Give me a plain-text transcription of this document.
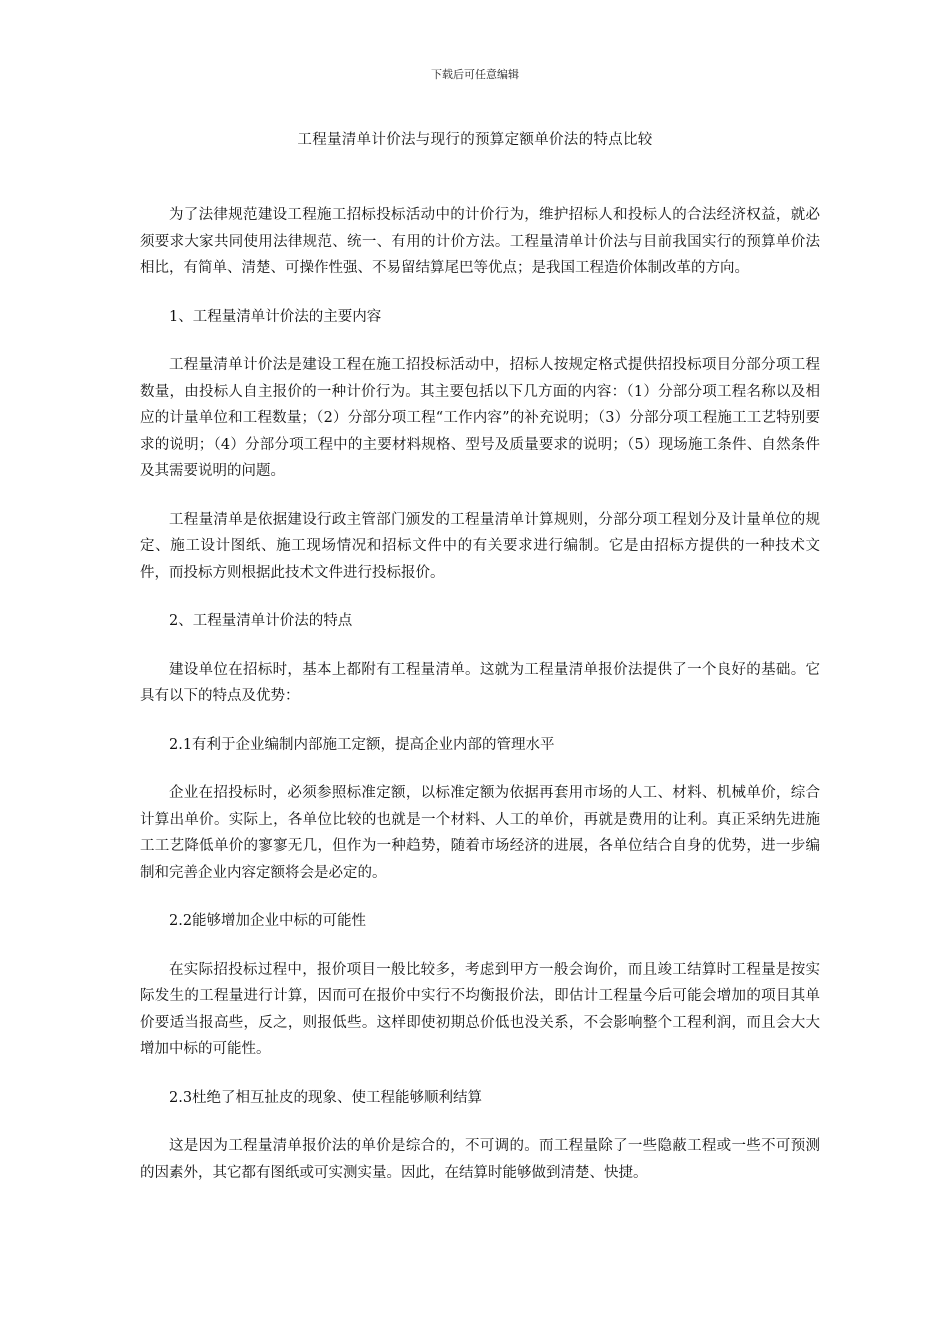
下载后可任意编辑
工程量清单计价法与现行的预算定额单价法的特点比较

为了法律规范建设工程施工招标投标活动中的计价行为，维护招标人和投标人的合法经济权益，就必须要求大家共同使用法律规范、统一、有用的计价方法。工程量清单计价法与目前我国实行的预算单价法相比，有简单、清楚、可操作性强、不易留结算尾巴等优点；是我国工程造价体制改革的方向。

1、工程量清单计价法的主要内容

工程量清单计价法是建设工程在施工招投标活动中，招标人按规定格式提供招投标项目分部分项工程数量，由投标人自主报价的一种计价行为。其主要包括以下几方面的内容：（1）分部分项工程名称以及相应的计量单位和工程数量；（2）分部分项工程“工作内容”的补充说明；（3）分部分项工程施工工艺特别要求的说明；（4）分部分项工程中的主要材料规格、型号及质量要求的说明；（5）现场施工条件、自然条件及其需要说明的问题。

工程量清单是依据建设行政主管部门颁发的工程量清单计算规则，分部分项工程划分及计量单位的规定、施工设计图纸、施工现场情况和招标文件中的有关要求进行编制。它是由招标方提供的一种技术文件，而投标方则根据此技术文件进行投标报价。

2、工程量清单计价法的特点

建设单位在招标时，基本上都附有工程量清单。这就为工程量清单报价法提供了一个良好的基础。它具有以下的特点及优势：

2.1有利于企业编制内部施工定额，提高企业内部的管理水平

企业在招投标时，必须参照标准定额，以标准定额为依据再套用市场的人工、材料、机械单价，综合计算出单价。实际上，各单位比较的也就是一个材料、人工的单价，再就是费用的让利。真正采纳先进施工工艺降低单价的寥寥无几，但作为一种趋势，随着市场经济的进展，各单位结合自身的优势，进一步编制和完善企业内容定额将会是必定的。

2.2能够增加企业中标的可能性

在实际招投标过程中，报价项目一般比较多，考虑到甲方一般会询价，而且竣工结算时工程量是按实际发生的工程量进行计算，因而可在报价中实行不均衡报价法，即估计工程量今后可能会增加的项目其单价要适当报高些，反之，则报低些。这样即使初期总价低也没关系，不会影响整个工程利润，而且会大大增加中标的可能性。

2.3杜绝了相互扯皮的现象、使工程能够顺利结算

这是因为工程量清单报价法的单价是综合的，不可调的。而工程量除了一些隐蔽工程或一些不可预测的因素外，其它都有图纸或可实测实量。因此，在结算时能够做到清楚、快捷。
